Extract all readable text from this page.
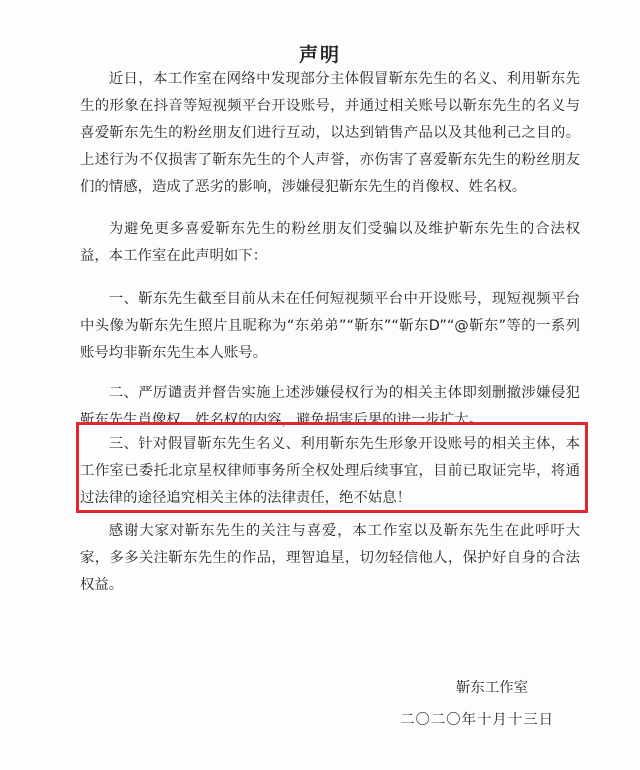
声明

近日，本工作室在网络中发现部分主体假冒靳东先生的名义、利用靳东先生的形象在抖音等短视频平台开设账号，并通过相关账号以靳东先生的名义与喜爱靳东先生的粉丝朋友们进行互动，以达到销售产品以及其他利己之目的。上述行为不仅损害了靳东先生的个人声誉，亦伤害了喜爱靳东先生的粉丝朋友们的情感，造成了恶劣的影响，涉嫌侵犯靳东先生的肖像权、姓名权。

为避免更多喜爱靳东先生的粉丝朋友们受骗以及维护靳东先生的合法权益，本工作室在此声明如下：

一、靳东先生截至目前从未在任何短视频平台中开设账号，现短视频平台中头像为靳东先生照片且昵称为“东弟弟”“靳东”“靳东D”“@靳东”等的一系列账号均非靳东先生本人账号。

二、严厉谴责并督告实施上述涉嫌侵权行为的相关主体即刻删撤涉嫌侵犯靳东先生肖像权、姓名权的内容，避免损害后果的进一步扩大。

三、针对假冒靳东先生名义、利用靳东先生形象开设账号的相关主体，本工作室已委托北京星权律师事务所全权处理后续事宜，目前已取证完毕，将通过法律的途径追究相关主体的法律责任，绝不姑息！

感谢大家对靳东先生的关注与喜爱，本工作室以及靳东先生在此呼吁大家，多多关注靳东先生的作品，理智追星，切勿轻信他人，保护好自身的合法权益。

靳东工作室
二〇二〇年十月十三日
